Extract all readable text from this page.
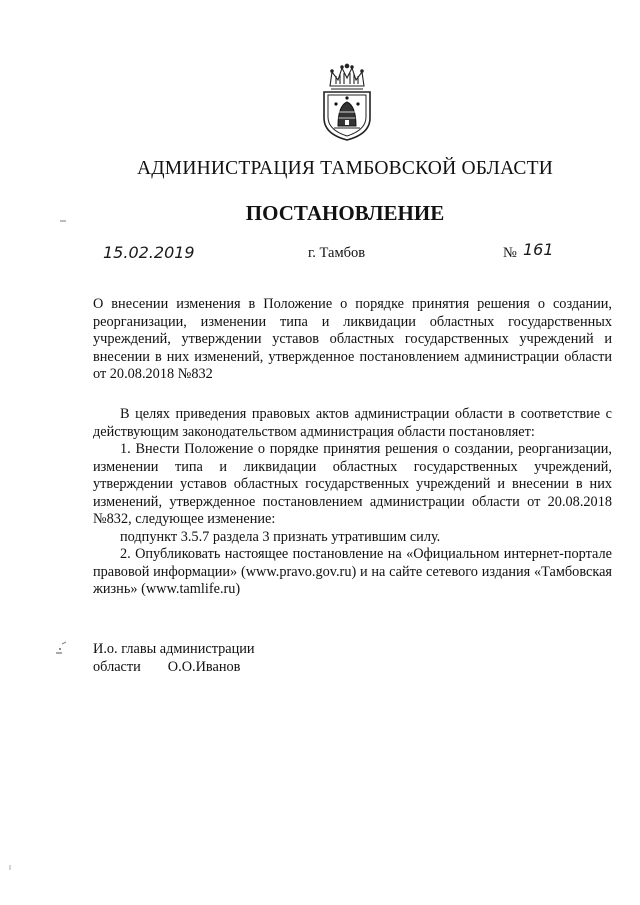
АДМИНИСТРАЦИЯ ТАМБОВСКОЙ ОБЛАСТИ
ПОСТАНОВЛЕНИЕ
15.02.2019	г. Тамбов	№ 161
О внесении изменения в Положение о порядке принятия решения о создании, реорганизации, изменении типа и ликвидации областных государственных учреждений, утверждении уставов областных государственных учреждений и внесении в них изменений, утвержденное постановлением администрации области от 20.08.2018 №832

В целях приведения правовых актов администрации области в соответствие с действующим законодательством администрация области постановляет:

1. Внести Положение о порядке принятия решения о создании, реорганизации, изменении типа и ликвидации областных государственных учреждений, утверждении уставов областных государственных учреждений и внесении в них изменений, утвержденное постановлением администрации области от 20.08.2018 №832, следующее изменение:

подпункт 3.5.7 раздела 3 признать утратившим силу.

2. Опубликовать настоящее постановление на «Официальном интернет-портале правовой информации» (www.pravo.gov.ru) и на сайте сетевого издания «Тамбовская жизнь» (www.tamlife.ru)

И.о. главы администрации
области О.О.Иванов
